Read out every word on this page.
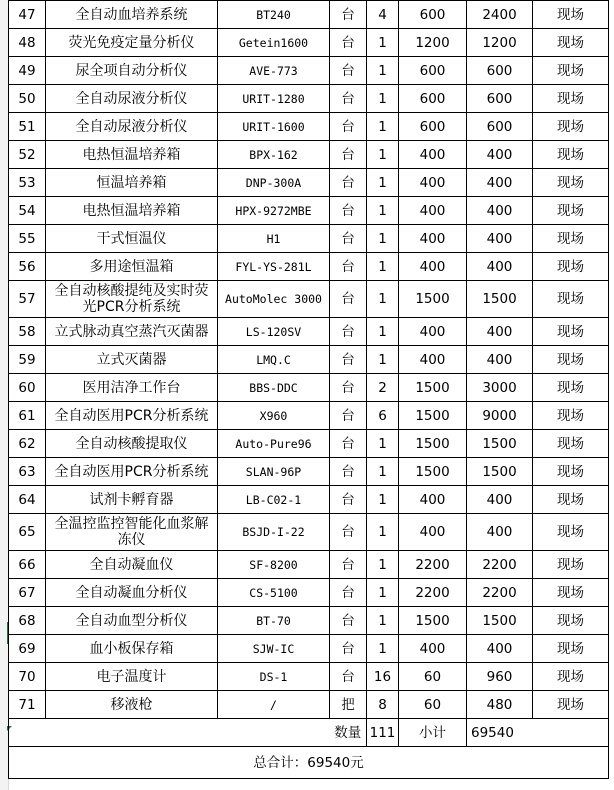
47	全自动血培养系统	BT240	台	4	600	2400	现场
48	荧光免疫定量分析仪	Getein1600	台	1	1200	1200	现场
49	尿全项自动分析仪	AVE-773	台	1	600	600	现场
50	全自动尿液分析仪	URIT-1280	台	1	600	600	现场
51	全自动尿液分析仪	URIT-1600	台	1	600	600	现场
52	电热恒温培养箱	BPX-162	台	1	400	400	现场
53	恒温培养箱	DNP-300A	台	1	400	400	现场
54	电热恒温培养箱	HPX-9272MBE	台	1	400	400	现场
55	干式恒温仪	H1	台	1	400	400	现场
56	多用途恒温箱	FYL-YS-281L	台	1	400	400	现场
57	全自动核酸提纯及实时荧光PCR分析系统	AutoMolec 3000	台	1	1500	1500	现场
58	立式脉动真空蒸汽灭菌器	LS-120SV	台	1	400	400	现场
59	立式灭菌器	LMQ.C	台	1	400	400	现场
60	医用洁净工作台	BBS-DDC	台	2	1500	3000	现场
61	全自动医用PCR分析系统	X960	台	6	1500	9000	现场
62	全自动核酸提取仪	Auto-Pure96	台	1	1500	1500	现场
63	全自动医用PCR分析系统	SLAN-96P	台	1	1500	1500	现场
64	试剂卡孵育器	LB-C02-1	台	1	400	400	现场
65	全温控监控智能化血浆解冻仪	BSJD-I-22	台	1	400	400	现场
66	全自动凝血仪	SF-8200	台	1	2200	2200	现场
67	全自动凝血分析仪	CS-5100	台	1	2200	2200	现场
68	全自动血型分析仪	BT-70	台	1	1500	1500	现场
69	血小板保存箱	SJW-IC	台	1	400	400	现场
70	电子温度计	DS-1	台	16	60	960	现场
71	移液枪	/	把	8	60	480	现场
			数量	111	小计	69540	
总合计：69540元							
